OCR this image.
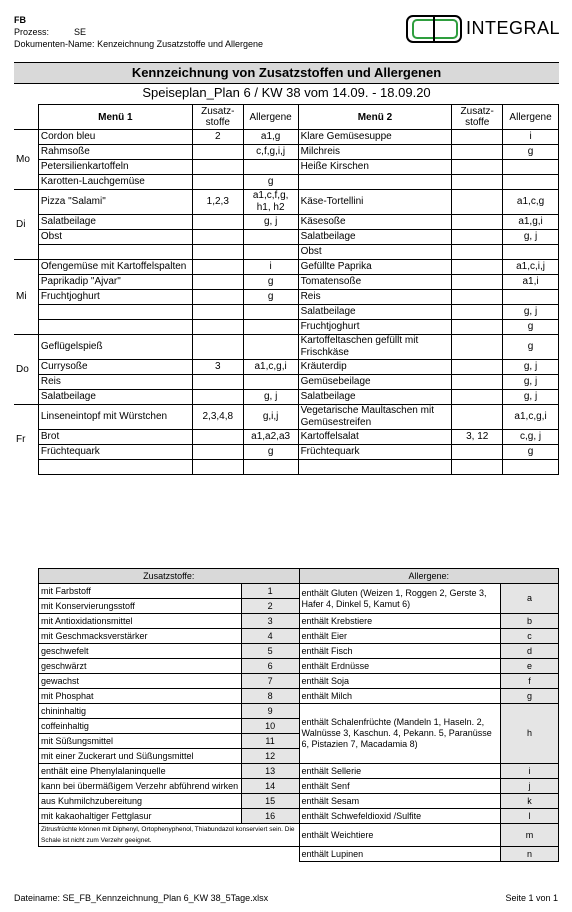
FB
Prozess:	SE
Dokumenten-Name: Kenzeichnung Zusatzstoffe und Allergene
INTEGRAL
Kennzeichnung von Zusatzstoffen und Allergenen
Speiseplan_Plan 6 / KW 38 vom 14.09. - 18.09.20
	Menü 1	Zusatz-stoffe	Allergene	Menü 2	Zusatz-stoffe	Allergene
Mo	Cordon bleu	2	a1,g	Klare Gemüsesuppe		i
	Rahmsoße		c,f,g,i,j	Milchreis		g
	Petersilienkartoffeln			Heiße Kirschen		
	Karotten-Lauchgemüse		g			
Di	Pizza "Salami"	1,2,3	a1,c,f,g, h1, h2	Käse-Tortellini		a1,c,g
	Salatbeilage		g, j	Käsesoße		a1,g,i
	Obst			Salatbeilage		g, j
				Obst		
Mi	Ofengemüse mit Kartoffelspalten		i	Gefüllte Paprika		a1,c,i,j
	Paprikadip "Ajvar"		g	Tomatensoße		a1,i
	Fruchtjoghurt		g	Reis		
				Salatbeilage		g, j
				Fruchtjoghurt		g
Do	Geflügelspieß			Kartoffeltaschen gefüllt mit Frischkäse		g
	Currysoße	3	a1,c,g,i	Kräuterdip		g, j
	Reis			Gemüsebeilage		g, j
	Salatbeilage		g, j	Salatbeilage		g, j
Fr	Linseneintopf mit Würstchen	2,3,4,8	g,i,j	Vegetarische Maultaschen mit Gemüsestreifen		a1,c,g,i
	Brot		a1,a2,a3	Kartoffelsalat	3, 12	c,g, j
	Früchtequark		g	Früchtequark		g

Zusatzstoffe:		Allergene:	
mit Farbstoff	1	enthält Gluten (Weizen 1, Roggen 2, Gerste 3, Hafer 4, Dinkel 5, Kamut 6)	a
mit Konservierungsstoff	2		
mit Antioxidationsmittel	3	enthält Krebstiere	b
mit Geschmacksverstärker	4	enthält Eier	c
geschwefelt	5	enthält Fisch	d
geschwärzt	6	enthält Erdnüsse	e
gewachst	7	enthält Soja	f
mit Phosphat	8	enthält Milch	g
chininhaltig	9	enthält Schalenfrüchte (Mandeln 1, Haseln. 2, Walnüsse 3, Kaschun. 4, Pekann. 5, Paranüsse 6, Pistazien 7, Macadamia 8)	h
coffeinhaltig	10		
mit Süßungsmittel	11		
mit einer Zuckerart und Süßungsmittel	12		
enthält eine Phenylalaninquelle	13	enthält Sellerie	i
kann bei übermäßigem Verzehr abführend wirken	14	enthält Senf	j
aus Kuhmilchzubereitung	15	enthält Sesam	k
mit kakaohaltiger Fettglasur	16	enthält Schwefeldioxid /Sulfite	l
Zitrusfrüchte können mit Diphenyl, Ortophenyphenol, Thiabundazol konserviert sein. Die Schale ist nicht zum Verzehr geeignet.		enthält Weichtiere	m
		enthält Lupinen	n
Dateiname: SE_FB_Kennzeichnung_Plan 6_KW 38_5Tage.xlsx	Seite 1 von 1
